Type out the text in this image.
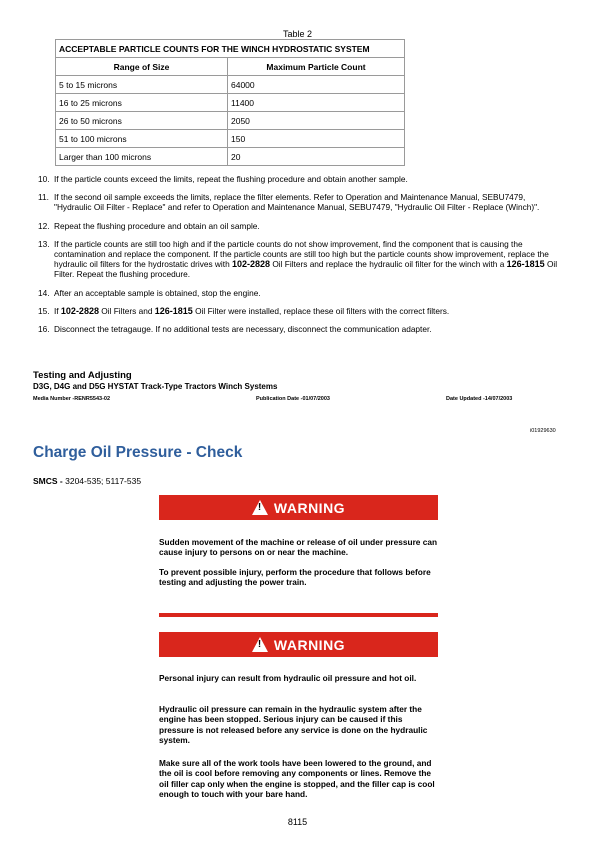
Table 2
ACCEPTABLE PARTICLE COUNTS FOR THE WINCH HYDROSTATIC SYSTEM	
Range of Size	Maximum Particle Count
5 to 15 microns	64000
16 to 25 microns	11400
26 to 50 microns	2050
51 to 100 microns	150
Larger than 100 microns	20
10. If the particle counts exceed the limits, repeat the flushing procedure and obtain another sample.
11. If the second oil sample exceeds the limits, replace the filter elements. Refer to Operation and Maintenance Manual, SEBU7479, "Hydraulic Oil Filter - Replace" and refer to Operation and Maintenance Manual, SEBU7479, "Hydraulic Oil Filter - Replace (Winch)".
12. Repeat the flushing procedure and obtain an oil sample.
13. If the particle counts are still too high and if the particle counts do not show improvement, find the component that is causing the contamination and replace the component. If the particle counts are still too high but the particle counts show improvement, replace the hydraulic oil filters for the hydrostatic drives with 102-2828 Oil Filters and replace the hydraulic oil filter for the winch with a 126-1815 Oil Filter. Repeat the flushing procedure.
14. After an acceptable sample is obtained, stop the engine.
15. If 102-2828 Oil Filters and 126-1815 Oil Filter were installed, replace these oil filters with the correct filters.
16. Disconnect the tetragauge. If no additional tests are necessary, disconnect the communication adapter.
Testing and Adjusting
D3G, D4G and D5G HYSTAT Track-Type Tractors Winch Systems
Media Number -RENR5543-02	Publication Date -01/07/2003	Date Updated -14/07/2003
i01929630
Charge Oil Pressure - Check
SMCS - 3204-535; 5117-535
! WARNING
Sudden movement of the machine or release of oil under pressure can cause injury to persons on or near the machine.
To prevent possible injury, perform the procedure that follows before testing and adjusting the power train.
! WARNING
Personal injury can result from hydraulic oil pressure and hot oil.
Hydraulic oil pressure can remain in the hydraulic system after the engine has been stopped. Serious injury can be caused if this pressure is not released before any service is done on the hydraulic system.
Make sure all of the work tools have been lowered to the ground, and the oil is cool before removing any components or lines. Remove the oil filler cap only when the engine is stopped, and the filler cap is cool enough to touch with your bare hand.
8115
